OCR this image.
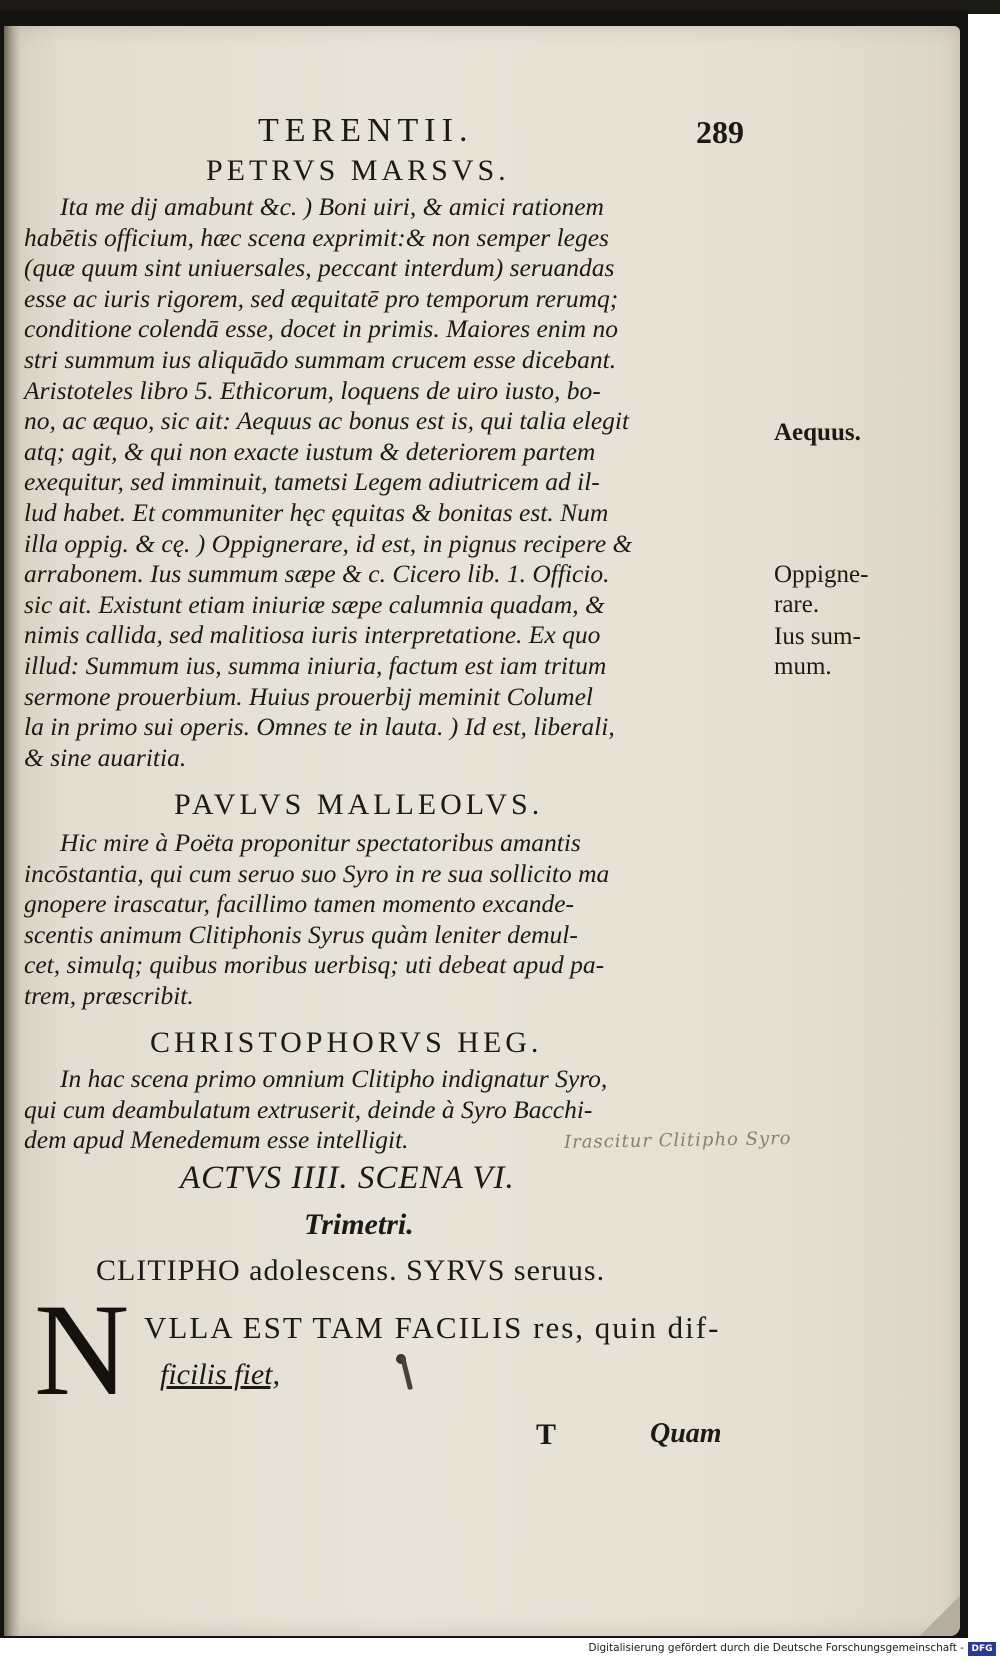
TERENTII.	289
PETRVS MARSVS.
Ita me dij amabunt &c. ) Boni uiri, & amici rationem
habētis officium, hæc scena exprimit:& non semper leges
(quæ quum sint uniuersales, peccant interdum) seruandas
esse ac iuris rigorem, sed æquitatē pro temporum rerumq;
conditione colendā esse, docet in primis. Maiores enim no
stri summum ius aliquādo summam crucem esse dicebant.
Aristoteles libro 5. Ethicorum, loquens de uiro iusto, bo-
no, ac æquo, sic ait: Aequus ac bonus est is, qui talia elegit
atq; agit, & qui non exacte iustum & deteriorem partem
exequitur, sed imminuit, tametsi Legem adiutricem ad il-
lud habet. Et communiter hęc ęquitas & bonitas est. Num
illa oppig. & cę. ) Oppignerare, id est, in pignus recipere &
arrabonem. Ius summum sæpe & c. Cicero lib. 1. Officio.
sic ait. Existunt etiam iniuriæ sæpe calumnia quadam, &
nimis callida, sed malitiosa iuris interpretatione. Ex quo
illud: Summum ius, summa iniuria, factum est iam tritum
sermone prouerbium. Huius prouerbij meminit Columel
la in primo sui operis. Omnes te in lauta. ) Id est, liberali,
& sine auaritia.
PAVLVS MALLEOLVS.
Hic mire à Poëta proponitur spectatoribus amantis
incōstantia, qui cum seruo suo Syro in re sua sollicito ma
gnopere irascatur, facillimo tamen momento excande-
scentis animum Clitiphonis Syrus quàm leniter demul-
cet, simulq; quibus moribus uerbisq; uti debeat apud pa-
trem, præscribit.
CHRISTOPHORVS HEG.
In hac scena primo omnium Clitipho indignatur Syro,
qui cum deambulatum extruserit, deinde à Syro Bacchi-
dem apud Menedemum esse intelligit.
ACTVS IIII. SCENA VI.
Trimetri.
CLITIPHO adolescens. SYRVS seruus.
N VLLA EST TAM FACILIS res, quin dif-
ficilis fiet,
T	Quam
Irascitur Clitipho Syro
Aequus.
Oppigne-
rare.
Ius sum-
mum.
Digitalisierung gefördert durch die Deutsche Forschungsgemeinschaft - DFG
